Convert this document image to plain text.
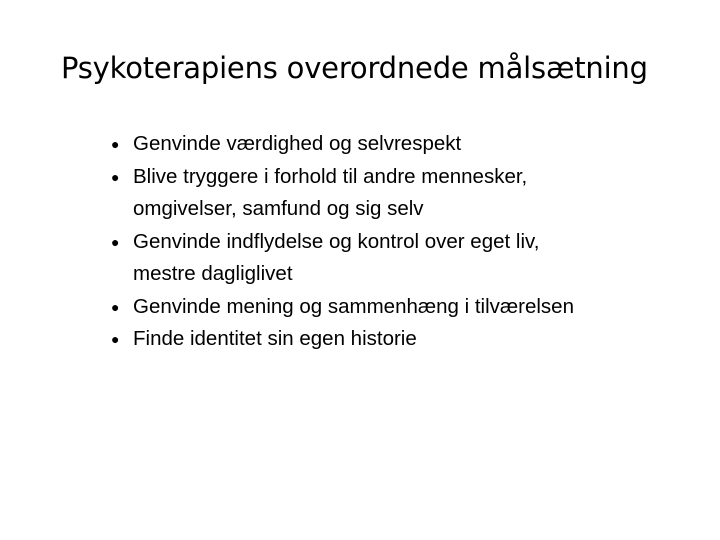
Psykoterapiens overordnede målsætning
● Genvinde værdighed og selvrespekt
● Blive tryggere i forhold til andre mennesker,
omgivelser, samfund og sig selv
● Genvinde indflydelse og kontrol over eget liv,
mestre dagliglivet
● Genvinde mening og sammenhæng i tilværelsen
● Finde identitet sin egen historie
